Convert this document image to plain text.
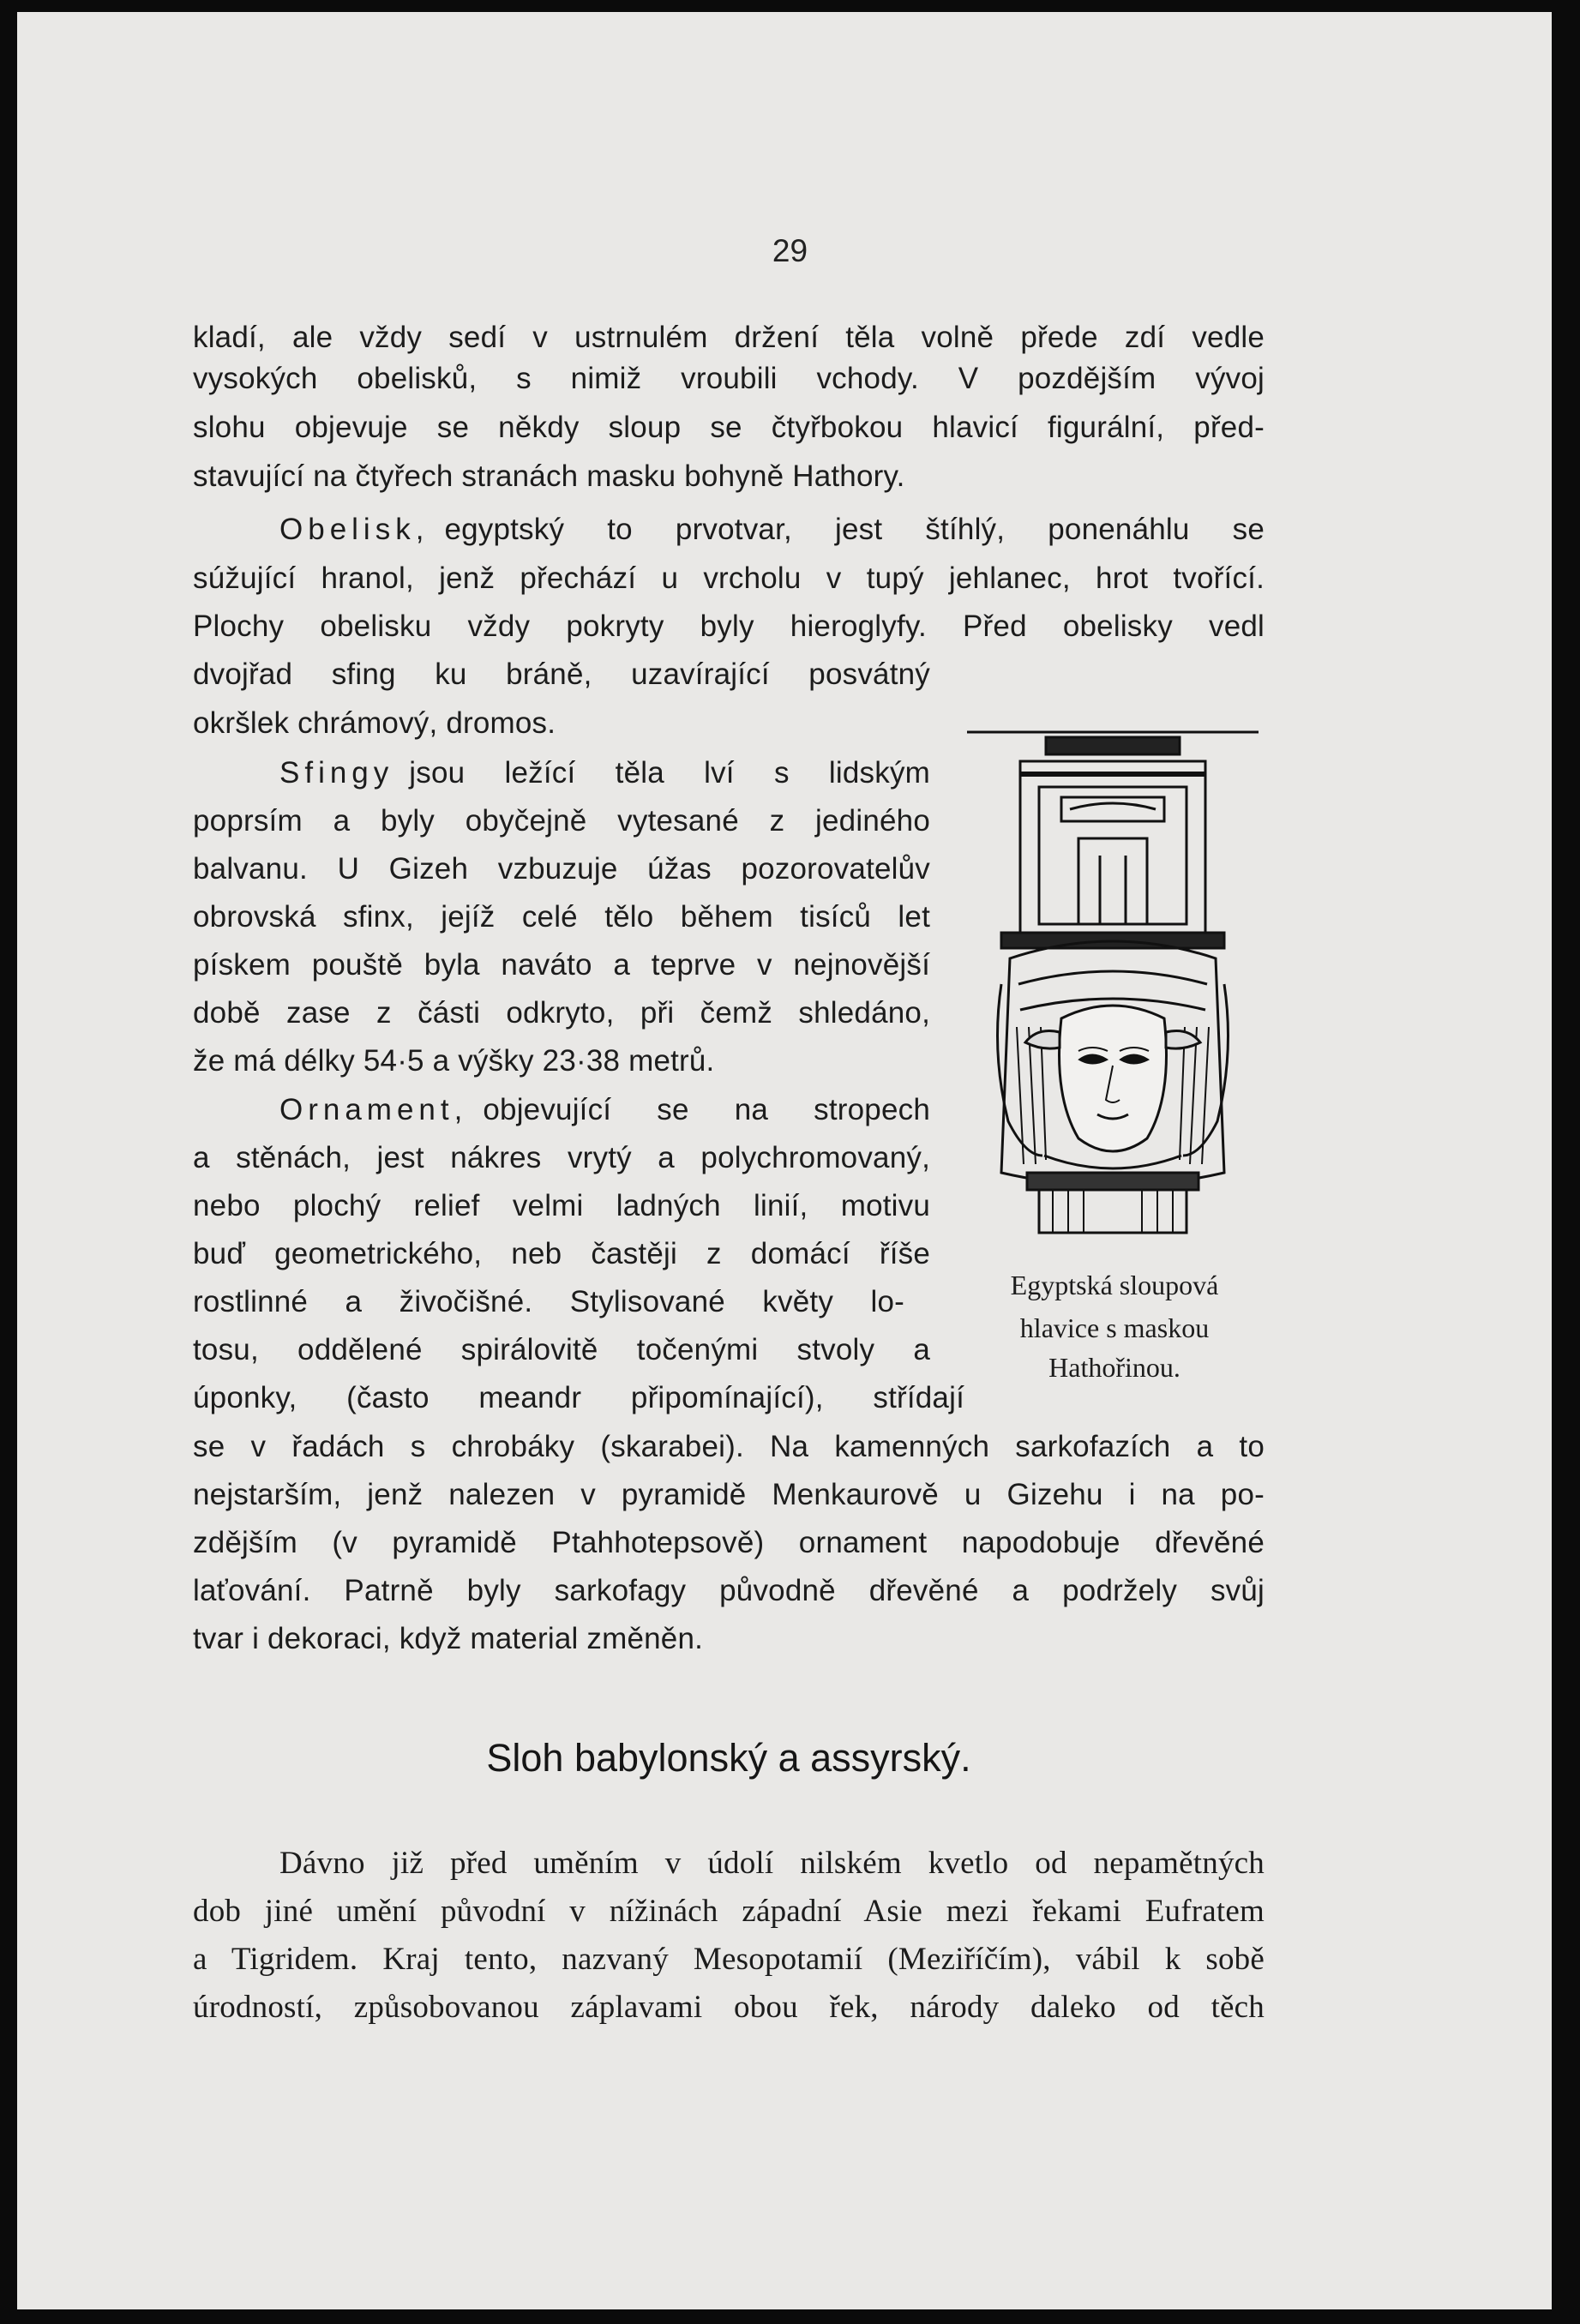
29
kladí, ale vždy sedí v ustrnulém držení těla volně přede zdí vedle
vysokých obelisků, s nimiž vroubili vchody. V pozdějším vývoj
slohu objevuje se někdy sloup se čtyřbokou hlavicí figurální, před-
stavující na čtyřech stranách masku bohyně Hathory.
Obelisk, egyptský to prvotvar, jest štíhlý, ponenáhlu se
súžující hranol, jenž přechází u vrcholu v tupý jehlanec, hrot tvořící.
Plochy obelisku vždy pokryty byly hieroglyfy. Před obelisky vedl
dvojřad sfing ku bráně, uzavírající posvátný
okršlek chrámový, dromos.
Sfingy jsou ležící těla lví s lidským
poprsím a byly obyčejně vytesané z jediného
balvanu. U Gizeh vzbuzuje úžas pozorovatelův
obrovská sfinx, jejíž celé tělo během tisíců let
pískem pouště byla naváto a teprve v nejnovější
době zase z části odkryto, při čemž shledáno,
že má délky 54·5 a výšky 23·38 metrů.
Ornament, objevující se na stropech
a stěnách, jest nákres vrytý a polychromovaný,
nebo plochý relief velmi ladných linií, motivu
buď geometrického, neb častěji z domácí říše
rostlinné a živočišné. Stylisované květy lo-
tosu, oddělené spirálovitě točenými stvoly a
úponky, (často meandr připomínající), střídají
se v řadách s chrobáky (skarabei). Na kamenných sarkofazích a to
nejstarším, jenž nalezen v pyramidě Menkaurově u Gizehu i na po-
zdějším (v pyramidě Ptahhotepsově) ornament napodobuje dřevěné
laťování. Patrně byly sarkofagy původně dřevěné a podržely svůj
tvar i dekoraci, když material změněn.
Egyptská sloupová
hlavice s maskou
Hathořinou.
Sloh babylonský a assyrský.
Dávno již před uměním v údolí nilském kvetlo od nepamětných
dob jiné umění původní v nížinách západní Asie mezi řekami Eufratem
a Tigridem. Kraj tento, nazvaný Mesopotamií (Meziříčím), vábil k sobě
úrodností, způsobovanou záplavami obou řek, národy daleko od těch
